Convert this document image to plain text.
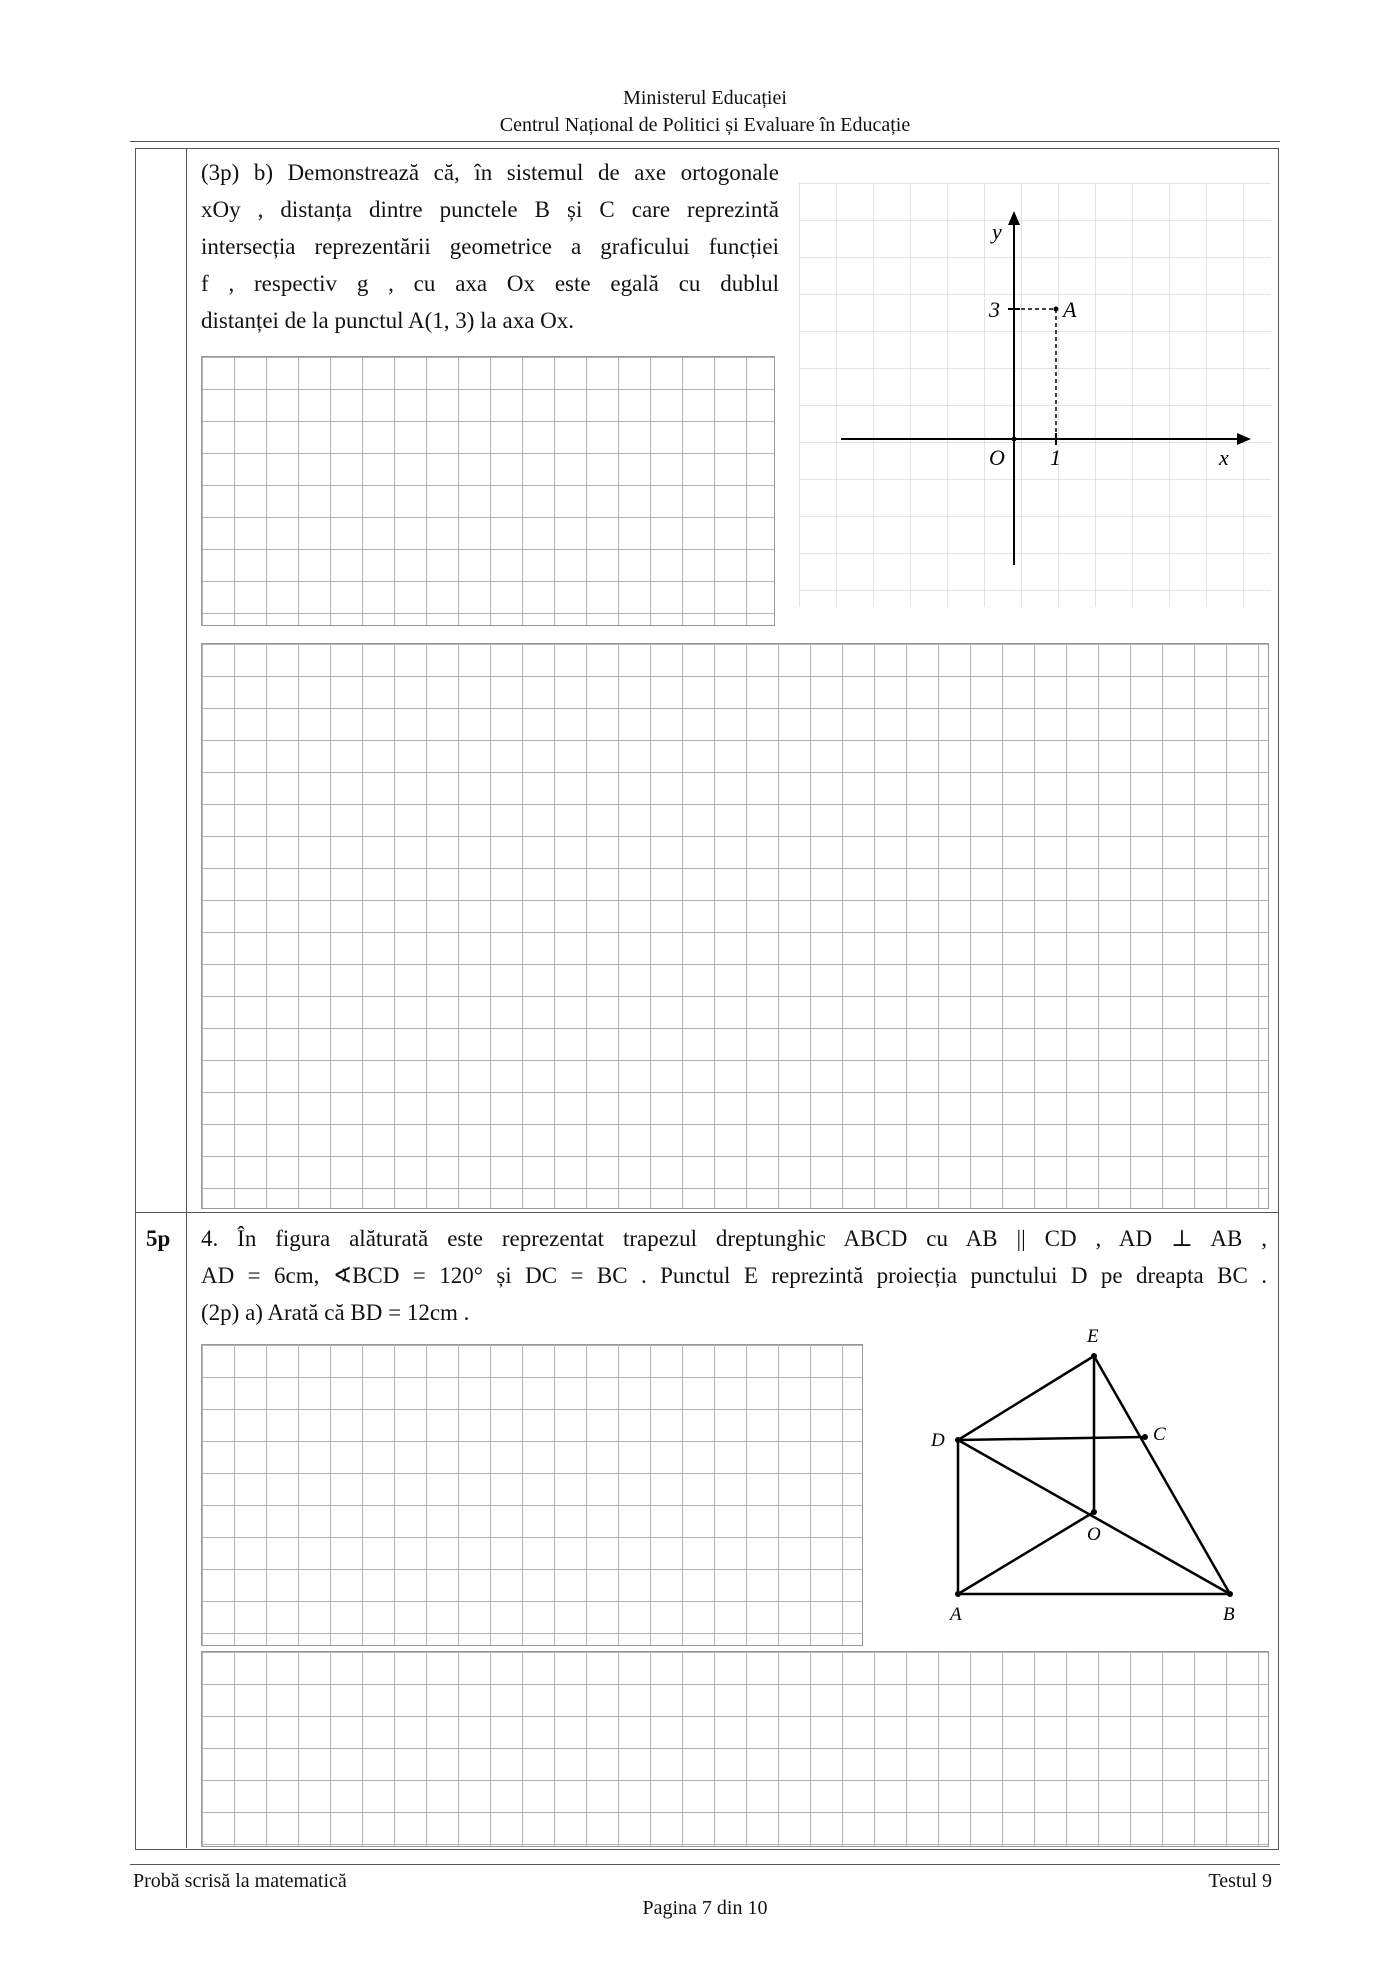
Ministerul Educației
Centrul Național de Politici și Evaluare în Educație
(3p) b) Demonstrează că, în sistemul de axe ortogonale
xOy , distanța dintre punctele B și C care reprezintă
intersecția reprezentării geometrice a graficului funcției
f , respectiv g , cu axa Ox este egală cu dublul
distanței de la punctul A(1, 3) la axa Ox.
y
x
O 1
3	A
5p	4. În figura alăturată este reprezentat trapezul dreptunghic ABCD cu AB || CD , AD ⊥ AB ,
AD = 6cm, ∢BCD = 120° și DC = BC . Punctul E reprezintă proiecția punctului D pe dreapta BC .
(2p) a) Arată că BD = 12cm .
E
D	C
O
A	B
Probă scrisă la matematică	Testul 9
Pagina 7 din 10
